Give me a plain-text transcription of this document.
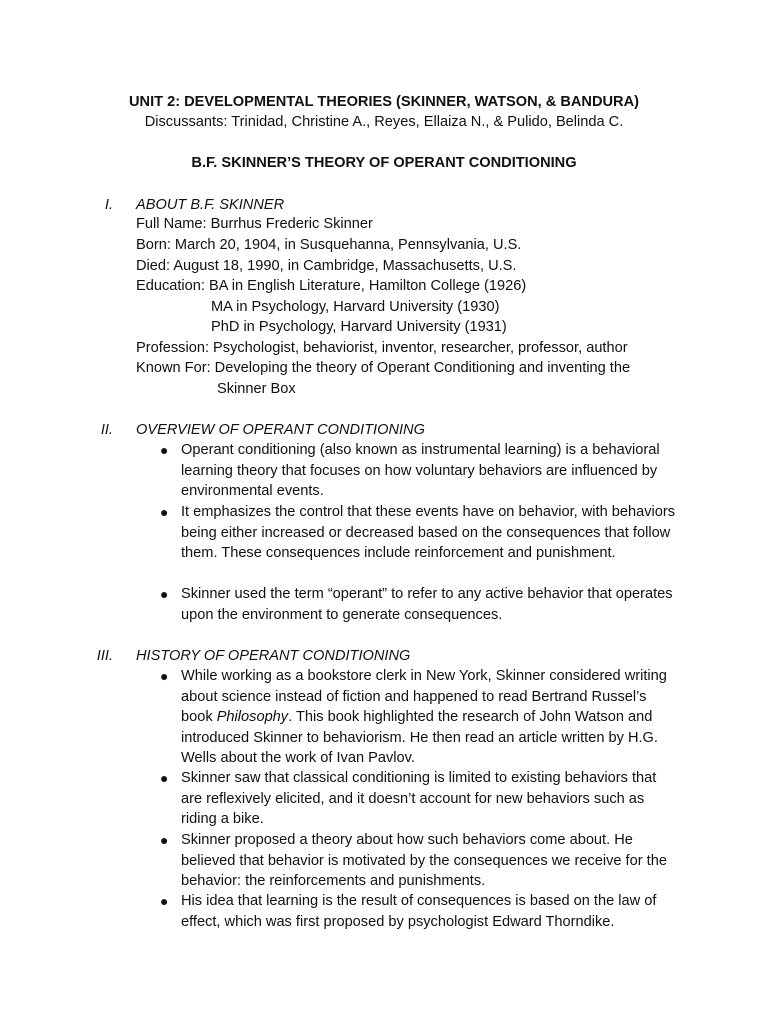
UNIT 2: DEVELOPMENTAL THEORIES (SKINNER, WATSON, & BANDURA)
Discussants: Trinidad, Christine A., Reyes, Ellaiza N., & Pulido, Belinda C.
B.F. SKINNER’S THEORY OF OPERANT CONDITIONING
I. ABOUT B.F. SKINNER
Full Name: Burrhus Frederic Skinner
Born: March 20, 1904, in Susquehanna, Pennsylvania, U.S.
Died: August 18, 1990, in Cambridge, Massachusetts, U.S.
Education: BA in English Literature, Hamilton College (1926)
MA in Psychology, Harvard University (1930)
PhD in Psychology, Harvard University (1931)
Profession: Psychologist, behaviorist, inventor, researcher, professor, author
Known For: Developing the theory of Operant Conditioning and inventing the
Skinner Box
II. OVERVIEW OF OPERANT CONDITIONING
● Operant conditioning (also known as instrumental learning) is a behavioral learning theory that focuses on how voluntary behaviors are influenced by environmental events.
● It emphasizes the control that these events have on behavior, with behaviors being either increased or decreased based on the consequences that follow them. These consequences include reinforcement and punishment.
● Skinner used the term “operant” to refer to any active behavior that operates upon the environment to generate consequences.
III. HISTORY OF OPERANT CONDITIONING
● While working as a bookstore clerk in New York, Skinner considered writing about science instead of fiction and happened to read Bertrand Russel’s book Philosophy. This book highlighted the research of John Watson and introduced Skinner to behaviorism. He then read an article written by H.G. Wells about the work of Ivan Pavlov.
● Skinner saw that classical conditioning is limited to existing behaviors that are reflexively elicited, and it doesn’t account for new behaviors such as riding a bike.
● Skinner proposed a theory about how such behaviors come about. He believed that behavior is motivated by the consequences we receive for the behavior: the reinforcements and punishments.
● His idea that learning is the result of consequences is based on the law of effect, which was first proposed by psychologist Edward Thorndike.
